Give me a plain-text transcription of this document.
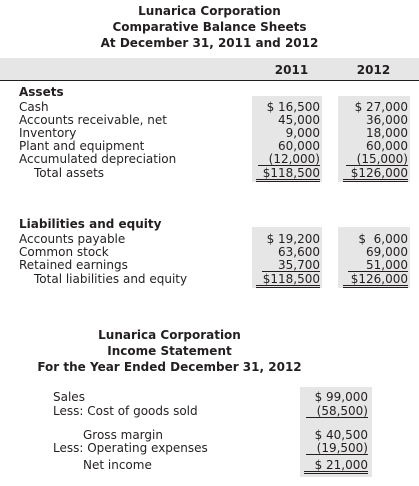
Lunarica Corporation
Comparative Balance Sheets
At December 31, 2011 and 2012
2011	2012
Assets
Cash	$ 16,500	$ 27,000
Accounts receivable, net	45,000	36,000
Inventory	9,000	18,000
Plant and equipment	60,000	60,000
Accumulated depreciation	(12,000)	(15,000)
Total assets	$118,500	$126,000
Liabilities and equity
Accounts payable	$ 19,200	$  6,000
Common stock	63,600	69,000
Retained earnings	35,700	51,000
Total liabilities and equity	$118,500	$126,000
Lunarica Corporation
Income Statement
For the Year Ended December 31, 2012
Sales	$ 99,000
Less: Cost of goods sold	(58,500)
Gross margin	$ 40,500
Less: Operating expenses	(19,500)
Net income	$ 21,000
